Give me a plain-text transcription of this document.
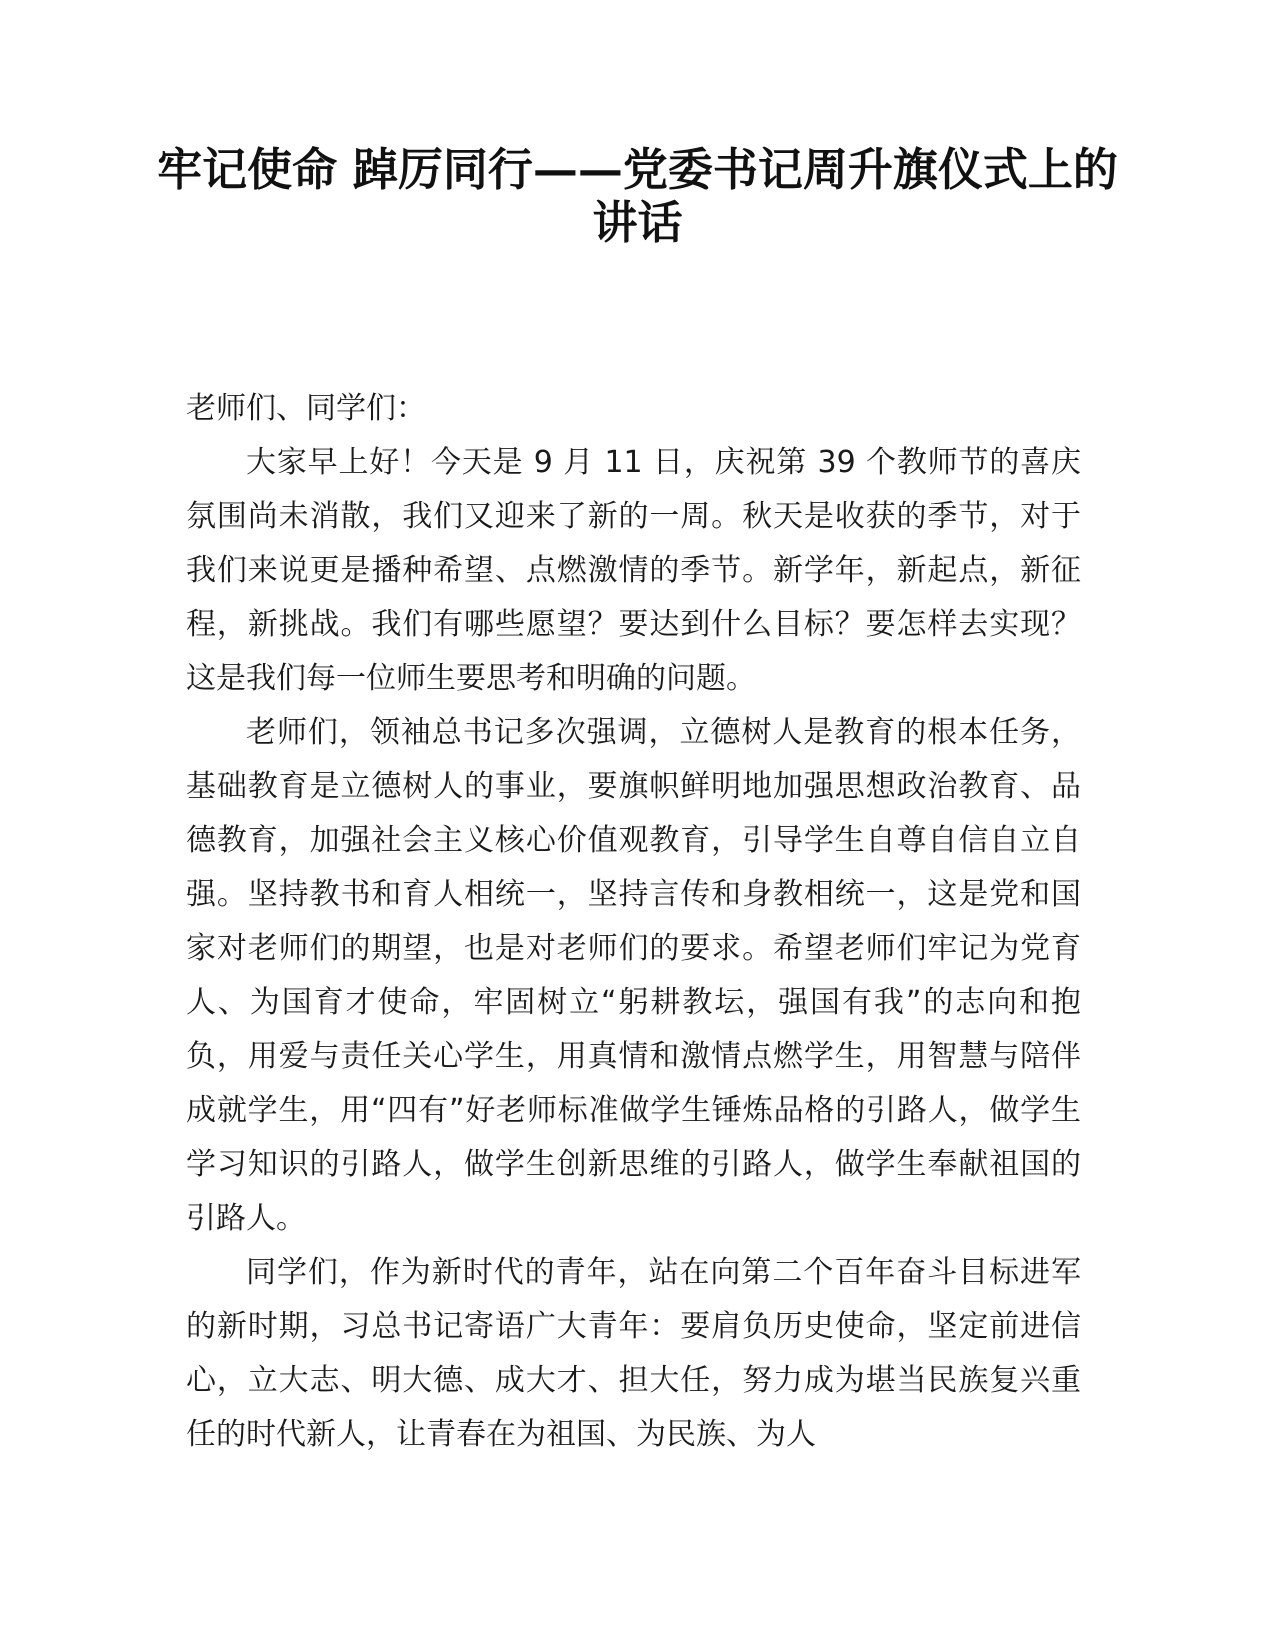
牢记使命 踔厉同行——党委书记周升旗仪式上的讲话

老师们、同学们：

大家早上好！今天是 9 月 11 日，庆祝第 39 个教师节的喜庆氛围尚未消散，我们又迎来了新的一周。秋天是收获的季节，对于我们来说更是播种希望、点燃激情的季节。新学年，新起点，新征程，新挑战。我们有哪些愿望？要达到什么目标？要怎样去实现？这是我们每一位师生要思考和明确的问题。

老师们，领袖总书记多次强调，立德树人是教育的根本任务，基础教育是立德树人的事业，要旗帜鲜明地加强思想政治教育、品德教育，加强社会主义核心价值观教育，引导学生自尊自信自立自强。坚持教书和育人相统一，坚持言传和身教相统一，这是党和国家对老师们的期望，也是对老师们的要求。希望老师们牢记为党育人、为国育才使命，牢固树立“躬耕教坛，强国有我”的志向和抱负，用爱与责任关心学生，用真情和激情点燃学生，用智慧与陪伴成就学生，用“四有”好老师标准做学生锤炼品格的引路人，做学生学习知识的引路人，做学生创新思维的引路人，做学生奉献祖国的引路人。

同学们，作为新时代的青年，站在向第二个百年奋斗目标进军的新时期，习总书记寄语广大青年：要肩负历史使命，坚定前进信心，立大志、明大德、成大才、担大任，努力成为堪当民族复兴重任的时代新人，让青春在为祖国、为民族、为人
